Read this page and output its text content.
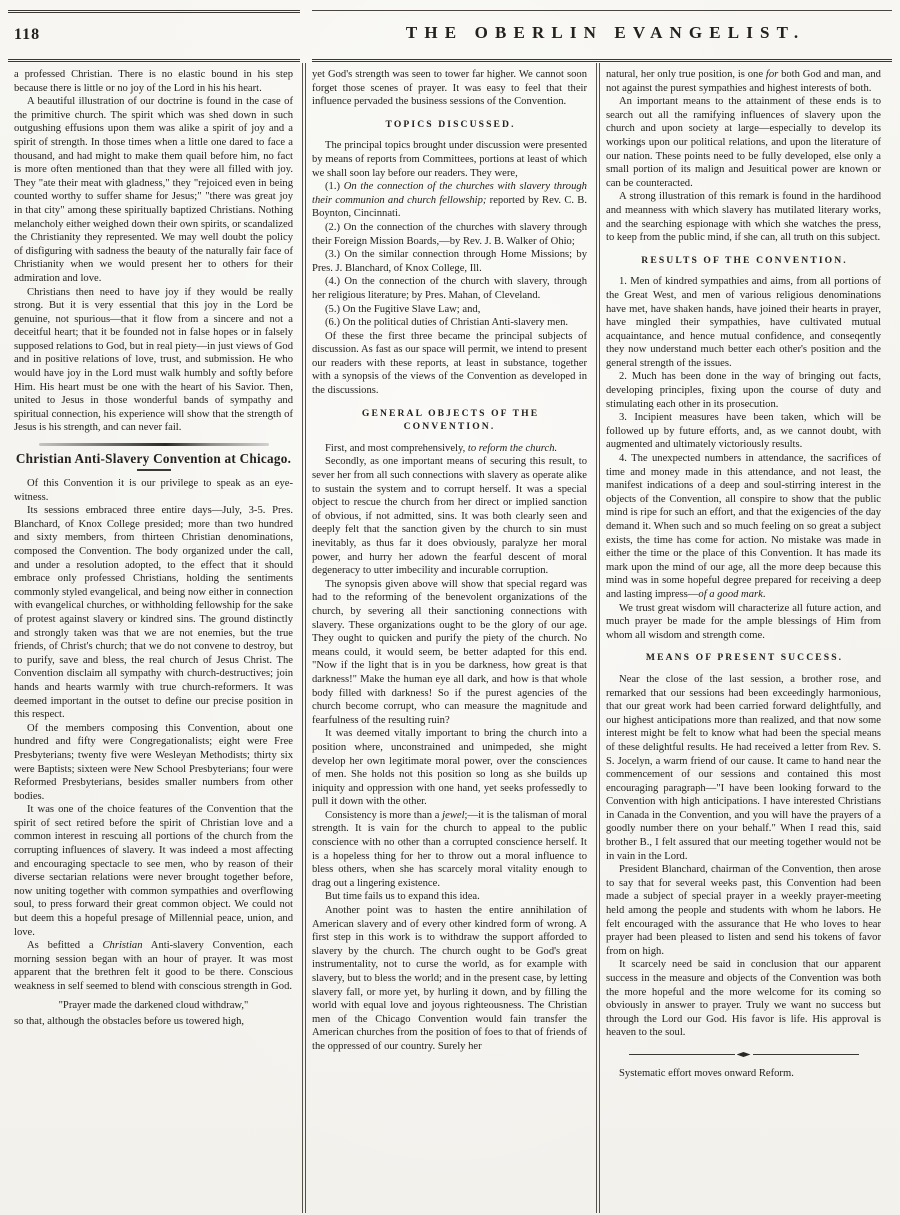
118	THE OBERLIN EVANGELIST.

a professed Christian. There is no elastic bound in his step because there is little or no joy of the Lord in his his heart.

A beautiful illustration of our doctrine is found in the case of the primitive church. The spirit which was shed down in such outgushing effusions upon them was alike a spirit of joy and a spirit of strength. In those times when a little one dared to face a thousand, and had might to make them quail before him, no fact is more often mentioned than that they were all filled with joy. They "ate their meat with gladness," they "rejoiced even in being counted worthy to suffer shame for Jesus;" "there was great joy in that city" among these spiritually baptized Christians. Nothing melancholy either weighed down their own spirits, or scandalized the Christianity they represented. We may well doubt the policy of disfiguring with sadness the beauty of the naturally fair face of Christianity when we would present her to others for their admiration and love.

Christians then need to have joy if they would be really strong. But it is very essential that this joy in the Lord be genuine, not spurious—that it flow from a sincere and not a deceitful heart; that it be founded not in false hopes or in falsely supposed relations to God, but in real piety—in just views of God and in positive relations of love, trust, and submission. He who would have joy in the Lord must walk humbly and softly before Him. His heart must be one with the heart of his Savior. Then, united to Jesus in those wonderful bands of sympathy and spiritual connection, his experience will show that the strength of Jesus is his strength, and can never fail.

Christian Anti-Slavery Convention at Chicago.

Of this Convention it is our privilege to speak as an eye-witness.

Its sessions embraced three entire days—July, 3-5. Pres. Blanchard, of Knox College presided; more than two hundred and sixty members, from thirteen Christian denominations, composed the Convention. The body organized under the call, and under a resolution adopted, to the effect that it should embrace only professed Christians, holding the sentiments commonly styled evangelical, and being now either in connection with evangelical churches, or withholding fellowship for the sake of protest against slavery or kindred sins. The ground distinctly and strongly taken was that we are not enemies, but the true friends, of Christ's church; that we do not convene to destroy, but to purify, save and bless, the real church of Jesus Christ. The Convention disclaim all sympathy with church-destructives; join hands and hearts warmly with true church-reformers. It was deemed important in the outset to define our precise position in this respect.

Of the members composing this Convention, about one hundred and fifty were Congregationalists; eight were Free Presbyterians; twenty five were Wesleyan Methodists; thirty six were Baptists; sixteen were New School Presbyterians; four were Reformed Presbyterians, besides smaller numbers from other bodies.

It was one of the choice features of the Convention that the spirit of sect retired before the spirit of Christian love and a common interest in rescuing all portions of the church from the corrupting influences of slavery. It was indeed a most affecting and encouraging spectacle to see men, who by reason of their diverse sectarian relations were never brought together before, now uniting together with common sympathies and overflowing soul, to press forward their great common object. We could not but deem this a hopeful presage of Millennial peace, union, and love.

As befitted a Christian Anti-slavery Convention, each morning session began with an hour of prayer. It was most apparent that the brethren felt it good to be there. Conscious weakness in self seemed to blend with conscious strength in God.

"Prayer made the darkened cloud withdraw,"

so that, although the obstacles before us towered high,

yet God's strength was seen to tower far higher. We cannot soon forget those scenes of prayer. It was easy to feel that their influence pervaded the business sessions of the Convention.

TOPICS DISCUSSED.

The principal topics brought under discussion were presented by means of reports from Committees, portions at least of which we shall soon lay before our readers. They were,

(1.) On the connection of the churches with slavery through their communion and church fellowship; reported by Rev. C. B. Boynton, Cincinnati.

(2.) On the connection of the churches with slavery through their Foreign Mission Boards,—by Rev. J. B. Walker of Ohio;

(3.) On the similar connection through Home Missions; by Pres. J. Blanchard, of Knox College, Ill.

(4.) On the connection of the church with slavery, through her religious literature; by Pres. Mahan, of Cleveland.

(5.) On the Fugitive Slave Law; and,

(6.) On the political duties of Christian Anti-slavery men.

Of these the first three became the principal subjects of discussion. As fast as our space will permit, we intend to present our readers with these reports, at least in substance, together with a synopsis of the views of the Convention as developed in the discussions.

GENERAL OBJECTS OF THE CONVENTION.

First, and most comprehensively, to reform the church.

Secondly, as one important means of securing this result, to sever her from all such connections with slavery as operate alike to sustain the system and to corrupt herself. It was a special object to rescue the church from her direct or implied sanction of obvious, if not admitted, sins. It was both clearly seen and deeply felt that the sanction given by the church to sin must inevitably, as thus far it does obviously, paralyze her moral power, and hurry her adown the fearful descent of moral degeneracy to utter imbecility and incurable corruption.

The synopsis given above will show that special regard was had to the reforming of the benevolent organizations of the church, by severing all their sanctioning connections with slavery. These organizations ought to be the glory of our age. They ought to quicken and purify the piety of the church. No means could, it would seem, be better adapted for this end. "Now if the light that is in you be darkness, how great is that darkness!" Make the human eye all dark, and how is that whole body filled with darkness! So if the purest agencies of the church become corrupt, who can measure the magnitude and fearfulness of the resulting ruin?

It was deemed vitally important to bring the church into a position where, unconstrained and unimpeded, she might develop her own legitimate moral power, over the consciences of men. She holds not this position so long as she builds up iniquity and oppression with one hand, yet seeks professedly to pull it down with the other.

Consistency is more than a jewel;—it is the talisman of moral strength. It is vain for the church to appeal to the public conscience with no other than a corrupted conscience herself. It is a hopeless thing for her to throw out a moral influence to bless others, when she has scarcely moral vitality enough to drag out a lingering existence.

But time fails us to expand this idea.

Another point was to hasten the entire annihilation of American slavery and of every other kindred form of wrong. A first step in this work is to withdraw the support afforded to slavery by the church. The church ought to be God's great instrumentality, not to curse the world, as for example with slavery, but to bless the world; and in the present case, by letting slavery fall, or more yet, by hurling it down, and by filling the world with equal love and joyous righteousness. The Christian men of the Chicago Convention would fain transfer the American churches from the position of foes to that of friends of the oppressed of our country. Surely her

natural, her only true position, is one for both God and man, and not against the purest sympathies and highest interests of both.

An important means to the attainment of these ends is to search out all the ramifying influences of slavery upon the church and upon society at large—especially to develop its workings upon our political relations, and upon the literature of our nation. These points need to be fully developed, else only a small portion of its malign and Jesuitical power are known or can be counteracted.

A strong illustration of this remark is found in the hardihood and meanness with which slavery has mutilated literary works, and the searching espionage with which she watches the press, to keep from the public mind, if she can, all truth on this subject.

RESULTS OF THE CONVENTION.

1. Men of kindred sympathies and aims, from all portions of the Great West, and men of various religious denominations have met, have shaken hands, have joined their hearts in prayer, have mingled their sympathies, have cultivated mutual acquaintance, and hence mutual confidence, and conseqently they now understand much better each other's position and the general strength of the issues.

2. Much has been done in the way of bringing out facts, developing principles, fixing upon the course of duty and stimulating each other in its prosecution.

3. Incipient measures have been taken, which will be followed up by future efforts, and, as we cannot doubt, with augmented and ultimately victoriously results.

4. The unexpected numbers in attendance, the sacrifices of time and money made in this attendance, and not least, the manifest indications of a deep and soul-stirring interest in the objects of the Convention, all conspire to show that the public mind is ripe for such an effort, and that the exigencies of the day demand it. When such and so much feeling on so great a subject exists, the time has come for action. No mistake was made in either the time or the place of this Convention. It has made its mark upon the mind of our age, all the more deep because this mind was in some hopeful degree prepared for receiving a deep and lasting impress—of a good mark.

We trust great wisdom will characterize all future action, and much prayer be made for the ample blessings of Him from whom all wisdom and strength come.

MEANS OF PRESENT SUCCESS.

Near the close of the last session, a brother rose, and remarked that our sessions had been exceedingly harmonious, that our great work had been carried forward delightfully, and our highest anticipations more than realized, and that now some interest might be felt to know what had been the special means of these delightful results. He had received a letter from Rev. S. S. Jocelyn, a warm friend of our cause. It came to hand near the commencement of our sessions and contained this most encouraging paragraph—"I have been looking forward to the Convention with high anticipations. I have interested Christians in Canada in the Convention, and you will have the prayers of a goodly number there on your behalf." When I read this, said brother B., I felt assured that our meeting together would not be in vain in the Lord.

President Blanchard, chairman of the Convention, then arose to say that for several weeks past, this Convention had been made a subject of special prayer in a weekly prayer-meeting held among the people and students with whom he labors. He felt encouraged with the assurance that He who loves to hear prayer had been pleased to listen and send his tokens of favor from on high.

It scarcely need be said in conclusion that our apparent success in the measure and objects of the Convention was both the more hopeful and the more welcome for its coming so obviously in answer to prayer. Truly we want no success but through the Lord our God. His favor is life. His approval is heaven to the soul.

Systematic effort moves onward Reform.
